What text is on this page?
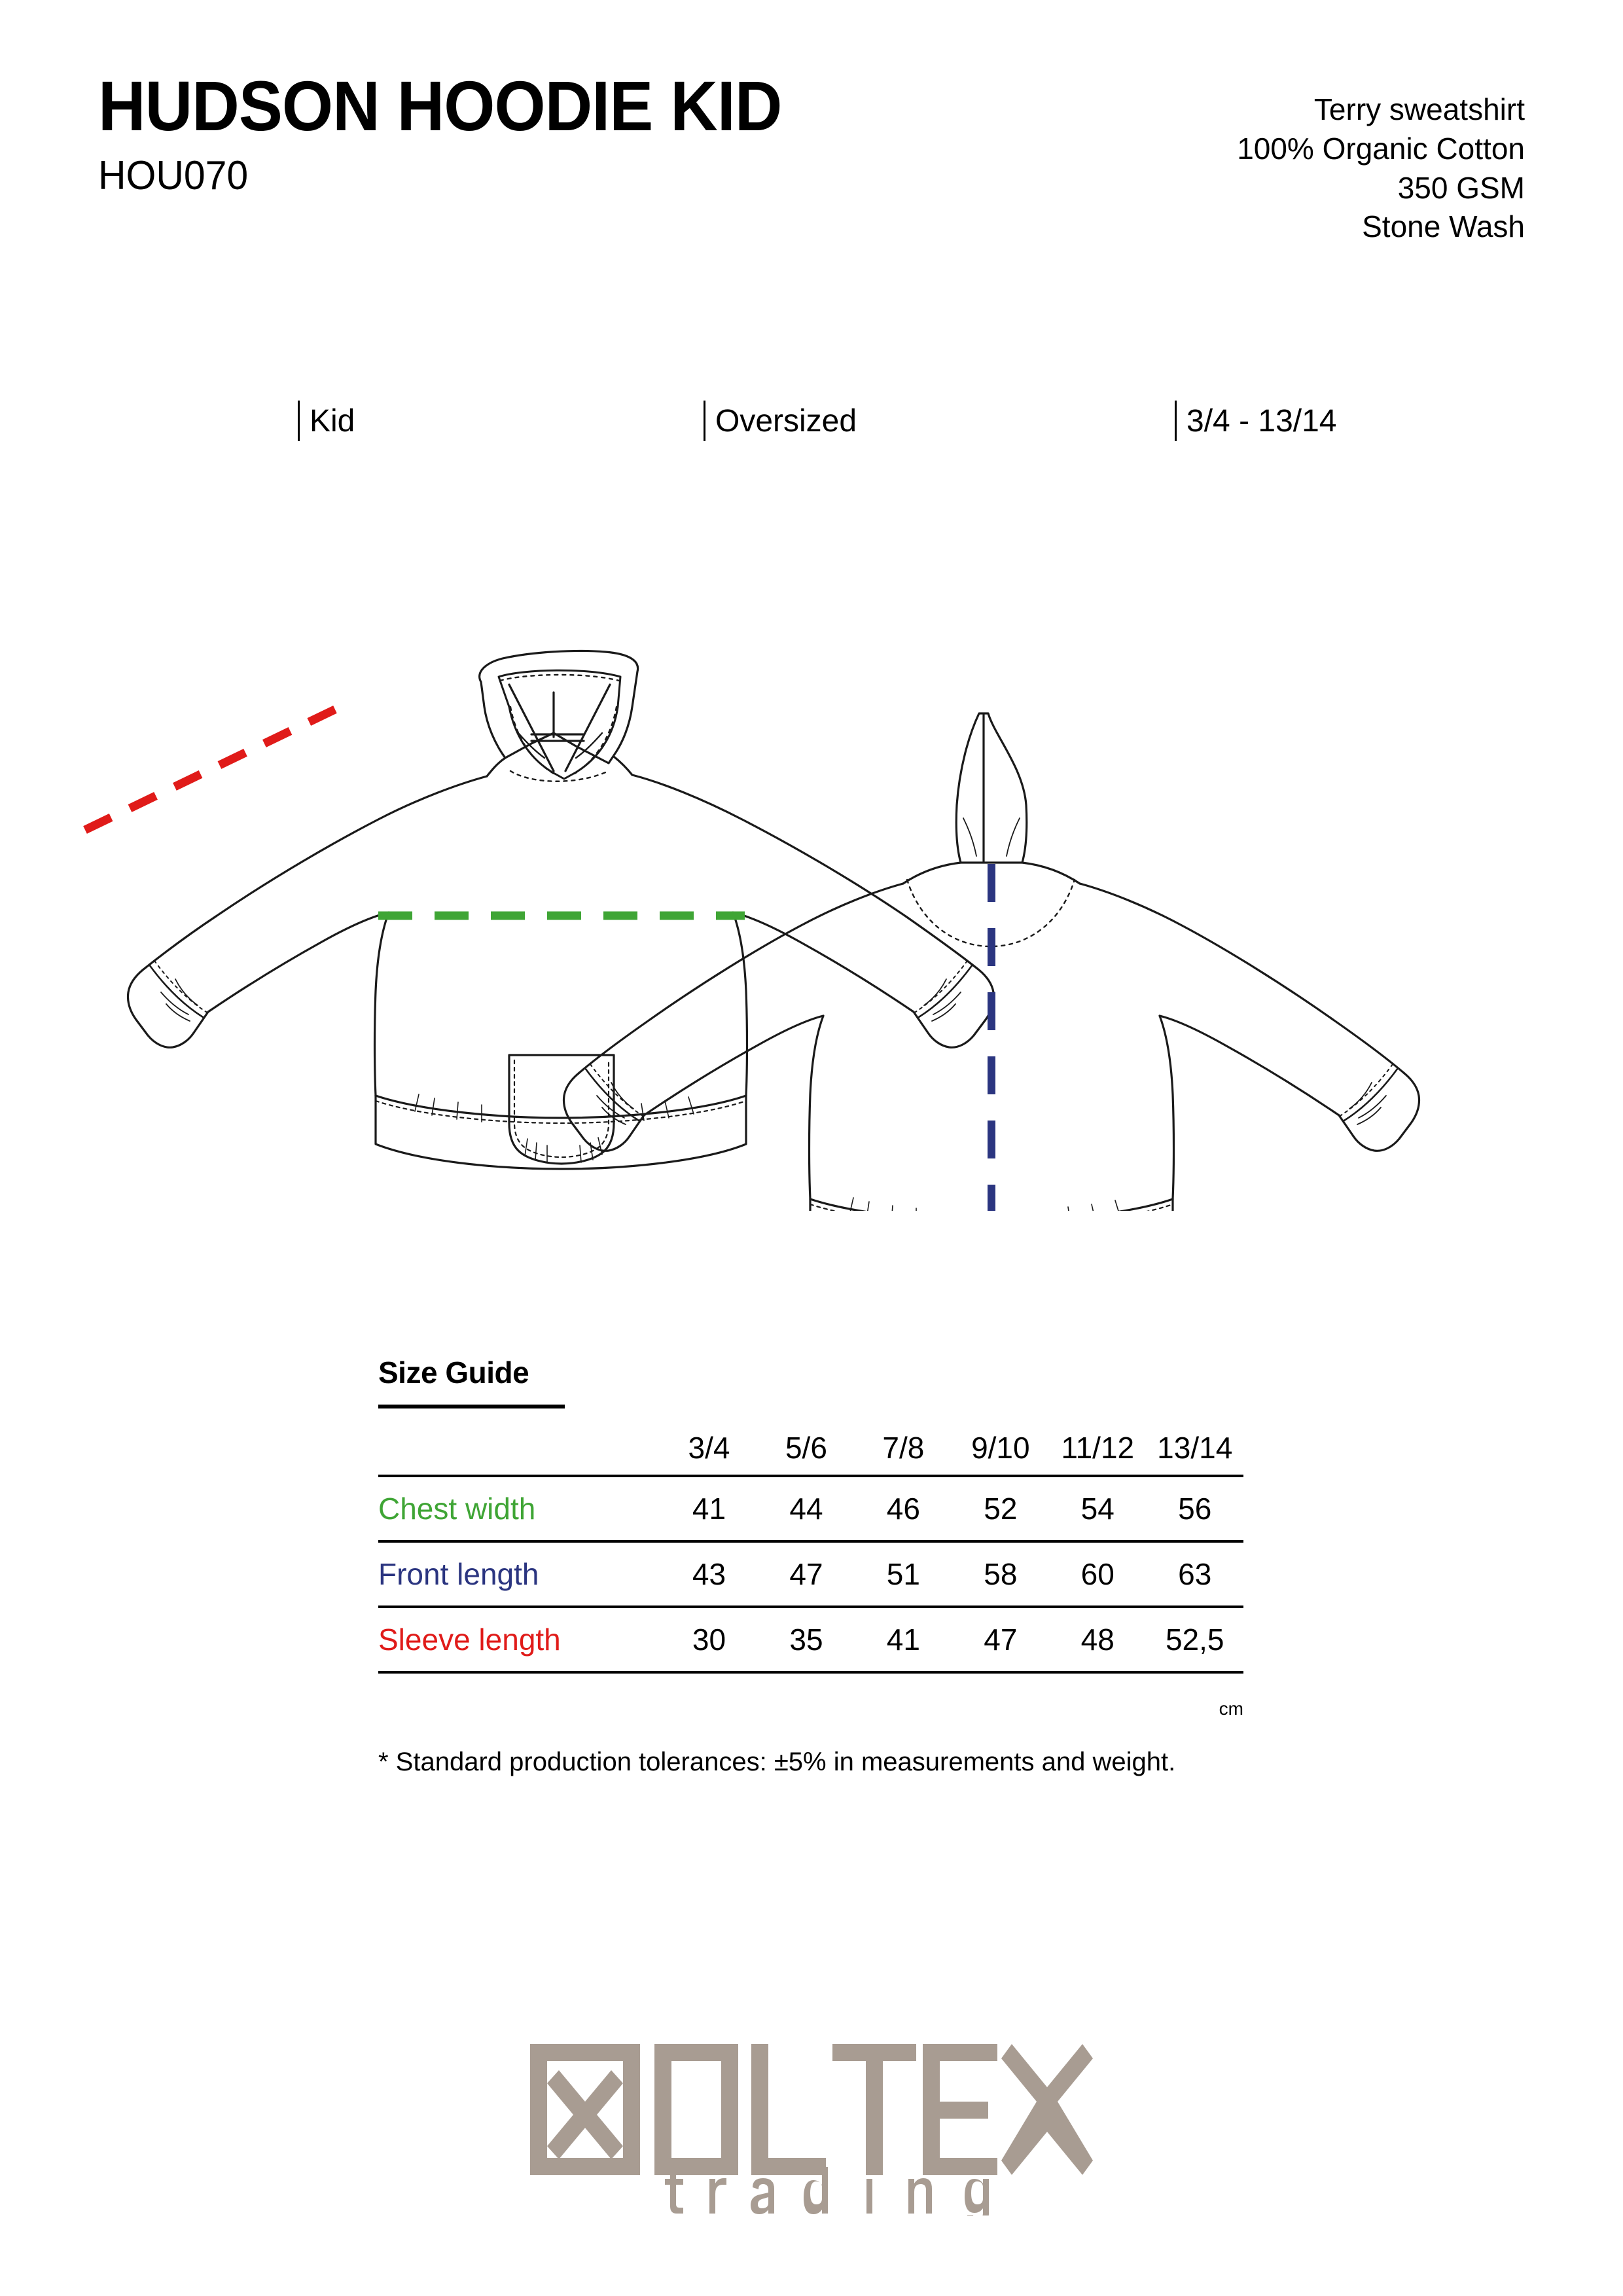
HUDSON HOODIE KID
HOU070
Terry sweatshirt
100% Organic Cotton
350 GSM
Stone Wash
Kid	Oversized	3/4 - 13/14
Size Guide
	3/4	5/6	7/8	9/10	11/12	13/14
Chest width	41	44	46	52	54	56
Front length	43	47	51	58	60	63
Sleeve length	30	35	41	47	48	52,5
cm
* Standard production tolerances: ±5% in measurements and weight.
